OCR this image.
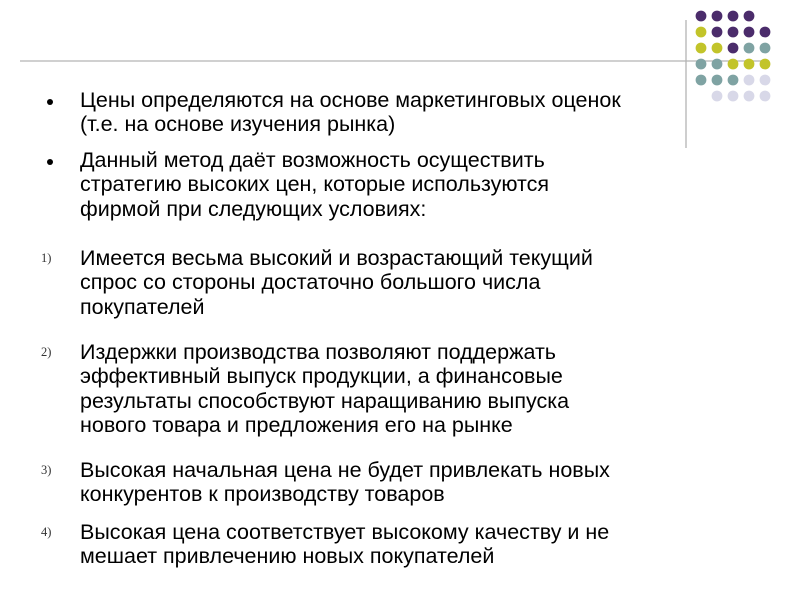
Цены определяются на основе маркетинговых оценок
(т.е. на основе изучения рынка)
Данный метод даёт возможность осуществить
стратегию высоких цен, которые используются
фирмой при следующих условиях:
1) Имеется весьма высокий и возрастающий текущий
спрос со стороны достаточно большого числа
покупателей
2) Издержки производства позволяют поддержать
эффективный выпуск продукции, а финансовые
результаты способствуют наращиванию выпуска
нового товара и предложения его на рынке
3) Высокая начальная цена не будет привлекать новых
конкурентов к производству товаров
4) Высокая цена соответствует высокому качеству и не
мешает привлечению новых покупателей
